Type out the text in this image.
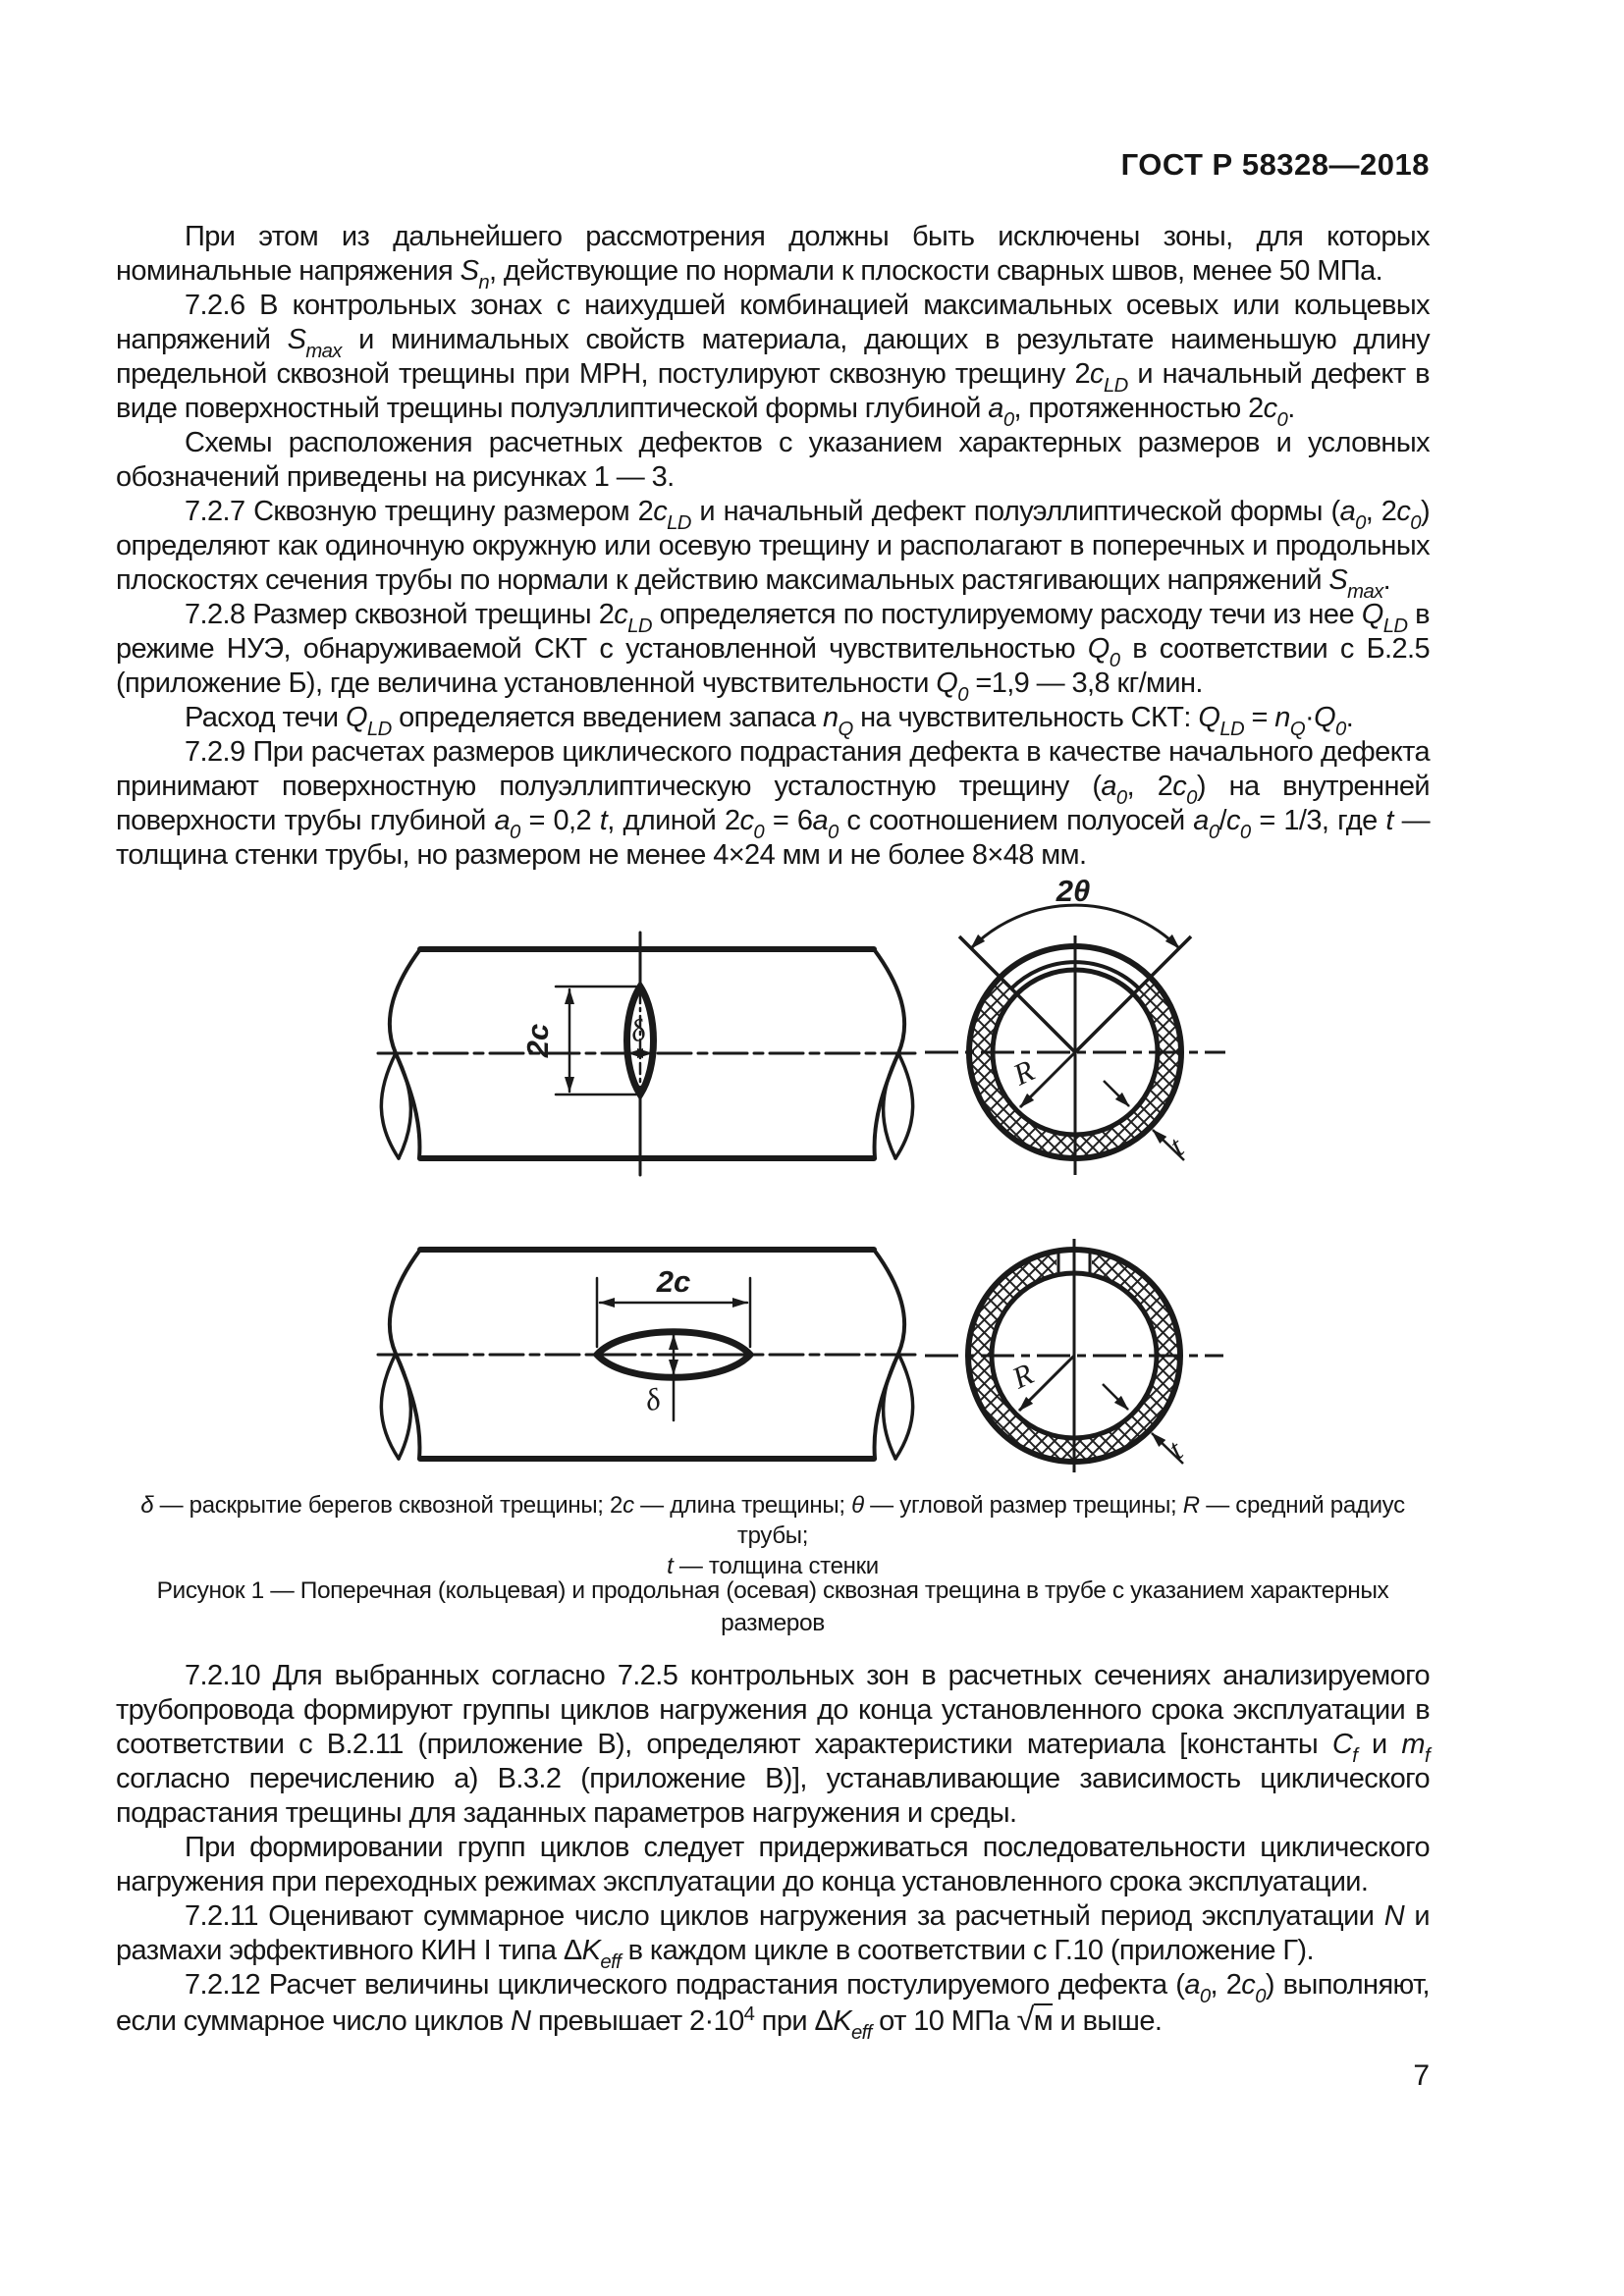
ГОСТ Р 58328—2018

При этом из дальнейшего рассмотрения должны быть исключены зоны, для которых номинальные напряжения $S_n$, действующие по нормали к плоскости сварных швов, менее 50 МПа.

7.2.6 В контрольных зонах с наихудшей комбинацией максимальных осевых или кольцевых напряжений $S_{max}$ и минимальных свойств материала, дающих в результате наименьшую длину предельной сквозной трещины при МРН, постулируют сквозную трещину $2c_{LD}$ и начальный дефект в виде поверхностный трещины полуэллиптической формы глубиной $a_0$, протяженностью $2c_0$.

Схемы расположения расчетных дефектов с указанием характерных размеров и условных обозначений приведены на рисунках 1 — 3.

7.2.7 Сквозную трещину размером $2c_{LD}$ и начальный дефект полуэллиптической формы ($a_0$, $2c_0$) определяют как одиночную окружную или осевую трещину и располагают в поперечных и продольных плоскостях сечения трубы по нормали к действию максимальных растягивающих напряжений $S_{max}$.

7.2.8 Размер сквозной трещины $2c_{LD}$ определяется по постулируемому расходу течи из нее $Q_{LD}$ в режиме НУЭ, обнаруживаемой СКТ с установленной чувствительностью $Q_0$ в соответствии с Б.2.5 (приложение Б), где величина установленной чувствительности $Q_0 =1,9$ — 3,8 кг/мин.

Расход течи $Q_{LD}$ определяется введением запаса $n_Q$ на чувствительность СКТ: $Q_{LD} = n_Q\cdot Q_0$.

7.2.9 При расчетах размеров циклического подрастания дефекта в качестве начального дефекта принимают поверхностную полуэллиптическую усталостную трещину ($a_0$, $2c_0$) на внутренней поверхности трубы глубиной $a_0 = 0,2$ t, длиной $2c_0 = 6a_0$ с соотношением полуосей $a_0/c_0 = 1/3$, где t — толщина стенки трубы, но размером не менее 4×24 мм и не более 8×48 мм.

2c δ
2θ
R
t
2c
δ
R
t

δ — раскрытие берегов сквозной трещины; 2с — длина трещины; θ — угловой размер трещины; R — средний радиус трубы;

t — толщина стенки

Рисунок 1 — Поперечная (кольцевая) и продольная (осевая) сквозная трещина в трубе с указанием характерных размеров

7.2.10 Для выбранных согласно 7.2.5 контрольных зон в расчетных сечениях анализируемого трубопровода формируют группы циклов нагружения до конца установленного срока эксплуатации в соответствии с В.2.11 (приложение В), определяют характеристики материала [константы $C_f$ и $m_f$ согласно перечислению а) В.3.2 (приложение В)], устанавливающие зависимость циклического подрастания трещины для заданных параметров нагружения и среды.

При формировании групп циклов следует придерживаться последовательности циклического нагружения при переходных режимах эксплуатации до конца установленного срока эксплуатации.

7.2.11 Оценивают суммарное число циклов нагружения за расчетный период эксплуатации N и размахи эффективного КИН I типа $\Delta K_{eff}$ в каждом цикле в соответствии с Г.10 (приложение Г).

7.2.12 Расчет величины циклического подрастания постулируемого дефекта ($a_0$, $2c_0$) выполняют, если суммарное число циклов N превышает $2\cdot 10^4$ при $\Delta K_{eff}$ от 10 МПа √м и выше.

7
